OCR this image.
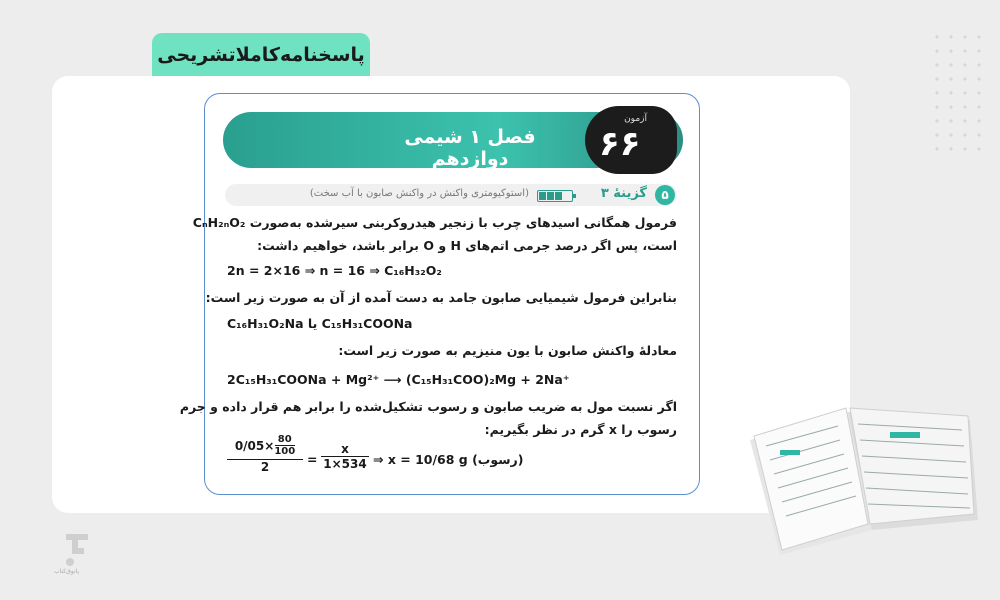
پاسخنامه‌کاملاتشریحی
فصل ۱ شیمی دوازدهم
آزمون
۶۶
۵
گزینهٔ ۳
(استوکیومتری واکنش در واکنش صابون با آب سخت)
فرمول همگانی اسیدهای چرب با زنجیر هیدروکربنی سیرشده به‌صورت CₙH₂ₙO₂
است، پس اگر درصد جرمی اتم‌های H و O برابر باشد، خواهیم داشت:
2n = 2×16 ⇒ n = 16 ⇒ C₁₆H₃₂O₂
بنابراین فرمول شیمیایی صابون جامد به دست آمده از آن به صورت زیر است:
C₁₆H₃₁O₂Na یا C₁₅H₃₁COONa
معادلهٔ واکنش صابون با یون منیزیم به صورت زیر است:
2C₁₅H₃₁COONa + Mg²⁺ ⟶ (C₁₅H₃₁COO)₂Mg + 2Na⁺
اگر نسبت مول به ضریب صابون و رسوب تشکیل‌شده را برابر هم قرار داده و جرم
رسوب را x گرم در نظر بگیریم:
0/05× 80
100
2	=
x
1×534 ⇒ x = 10/68 g (رسوب)
پاتوق‌کتاب
